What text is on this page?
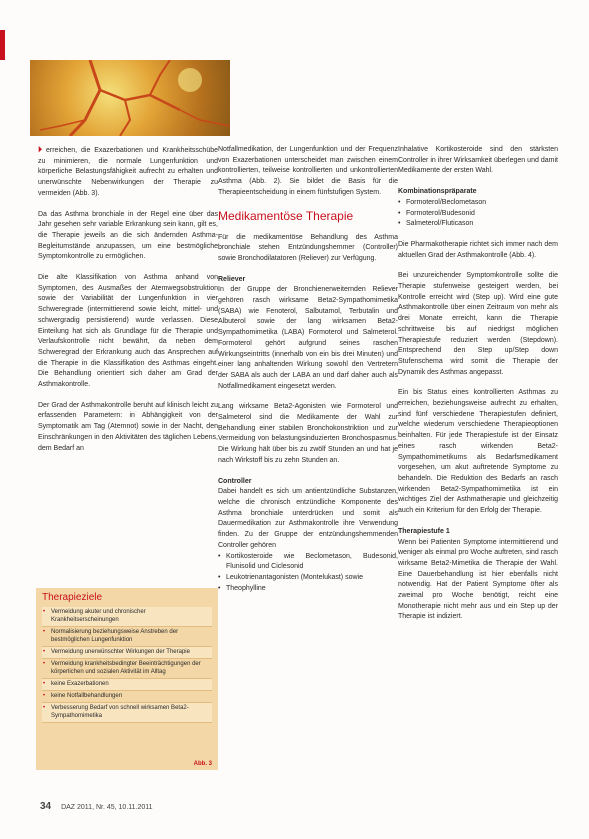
⏵ erreichen, die Exazerbationen und Krankheitsschübe zu minimieren, die normale Lungenfunktion und körperliche Belastungsfähigkeit aufrecht zu erhalten und unerwünschte Nebenwirkungen der Therapie zu vermeiden (Abb. 3).

Da das Asthma bronchiale in der Regel eine über das Jahr gesehen sehr variable Erkrankung sein kann, gilt es, die Therapie jeweils an die sich ändernden Asthma-Begleitumstände anzupassen, um eine bestmögliche Symptomkontrolle zu ermöglichen.

Die alte Klassifikation von Asthma anhand von Symptomen, des Ausmaßes der Atemwegsobstruktion sowie der Variabilität der Lungenfunktion in vier Schweregrade (intermittierend sowie leicht, mittel- und schwergradig persistierend) wurde verlassen. Diese Einteilung hat sich als Grundlage für die Therapie und Verlaufskontrolle nicht bewährt, da neben dem Schweregrad der Erkrankung auch das Ansprechen auf die Therapie in die Klassifikation des Asthmas eingeht. Die Behandlung orientiert sich daher am Grad der Asthmakontrolle.

Der Grad der Asthmakontrolle beruht auf klinisch leicht zu erfassenden Parametern: in Abhängigkeit von der Symptomatik am Tag (Atemnot) sowie in der Nacht, den Einschränkungen in den Aktivitäten des täglichen Lebens, dem Bedarf an

Therapieziele
• Vermeidung akuter und chronischer Krankheitserscheinungen
• Normalisierung beziehungsweise Anstreben der bestmöglichen Lungenfunktion
• Vermeidung unerwünschter Wirkungen der Therapie
• Vermeidung krankheitsbedingter Beeinträchtigungen der körperlichen und sozialen Aktivität im Alltag
• keine Exazerbationen
• keine Notfallbehandlungen
• Verbesserung Bedarf von schnell wirksamen Beta2-Sympathomimetika
Abb. 3

Notfallmedikation, der Lungenfunktion und der Frequenz von Exazerbationen unterscheidet man zwischen einem kontrollierten, teilweise kontrollierten und unkontrollierten Asthma (Abb. 2). Sie bildet die Basis für die Therapieentscheidung in einem fünfstufigen System.

Medikamentöse Therapie

Für die medikamentöse Behandlung des Asthma bronchiale stehen Entzündungshemmer (Controller) sowie Bronchodilatatoren (Reliever) zur Verfügung.

Reliever

In der Gruppe der Bronchienerweiternden Reliever gehören rasch wirksame Beta2-Sympathomimetika (SABA) wie Fenoterol, Salbutamol, Terbutalin und Albuterol sowie der lang wirksamen Beta2-Sympathomimetika (LABA) Formoterol und Salmeterol. Formoterol gehört aufgrund seines raschen Wirkungseintritts (innerhalb von ein bis drei Minuten) und einer lang anhaltenden Wirkung sowohl den Vertretern der SABA als auch der LABA an und darf daher auch als Notfallmedikament eingesetzt werden.

Lang wirksame Beta2-Agonisten wie Formoterol und Salmeterol sind die Medikamente der Wahl zur Behandlung einer stabilen Bronchokonstriktion und zur Vermeidung von belastungsinduzierten Bronchospasmus. Die Wirkung hält über bis zu zwölf Stunden an und hat je nach Wirkstoff bis zu zehn Stunden an.

Controller

Dabei handelt es sich um antientzündliche Substanzen, welche die chronisch entzündliche Komponente des Asthma bronchiale unterdrücken und somit als Dauermedikation zur Asthmakontrolle ihre Verwendung finden. Zu der Gruppe der entzündungshemmenden Controller gehören

• Kortikosteroide wie Beclometason, Budesonid, Flunisolid und Ciclesonid
• Leukotrienantagonisten (Montelukast) sowie
• Theophylline

Inhalative Kortikosteroide sind den stärksten Controller in ihrer Wirksamkeit überlegen und damit Medikamente der ersten Wahl.

Kombinationspräparate
• Formoterol/Beclometason
• Formoterol/Budesonid
• Salmeterol/Fluticason

Die Pharmakotherapie richtet sich immer nach dem aktuellen Grad der Asthmakontrolle (Abb. 4).

Bei unzureichender Symptomkontrolle sollte die Therapie stufenweise gesteigert werden, bei Kontrolle erreicht wird (Step up). Wird eine gute Asthmakontrolle über einen Zeitraum von mehr als drei Monate erreicht, kann die Therapie schrittweise bis auf niedrigst möglichen Therapiestufe reduziert werden (Stepdown). Entsprechend den Step up/Step down Stufenschema wird somit die Therapie der Dynamik des Asthmas angepasst.

Ein bis Status eines kontrollierten Asthmas zu erreichen, beziehungsweise aufrecht zu erhalten, sind fünf verschiedene Therapiestufen definiert, welche wiederum verschiedene Therapieoptionen beinhalten. Für jede Therapiestufe ist der Einsatz eines rasch wirkenden Beta2-Sympathomimetikums als Bedarfsmedikament vorgesehen, um akut auftretende Symptome zu behandeln. Die Reduktion des Bedarfs an rasch wirkenden Beta2-Sympathomimetika ist ein wichtiges Ziel der Asthmatherapie und gleichzeitig auch ein Kriterium für den Erfolg der Therapie.

Therapiestufe 1

Wenn bei Patienten Symptome intermittierend und weniger als einmal pro Woche auftreten, sind rasch wirksame Beta2-Mimetika die Therapie der Wahl. Eine Dauerbehandlung ist hier ebenfalls nicht notwendig. Hat der Patient Symptome öfter als zweimal pro Woche benötigt, reicht eine Monotherapie nicht mehr aus und ein Step up der Therapie ist indiziert.

34 DAZ 2011, Nr. 45, 10.11.2011
